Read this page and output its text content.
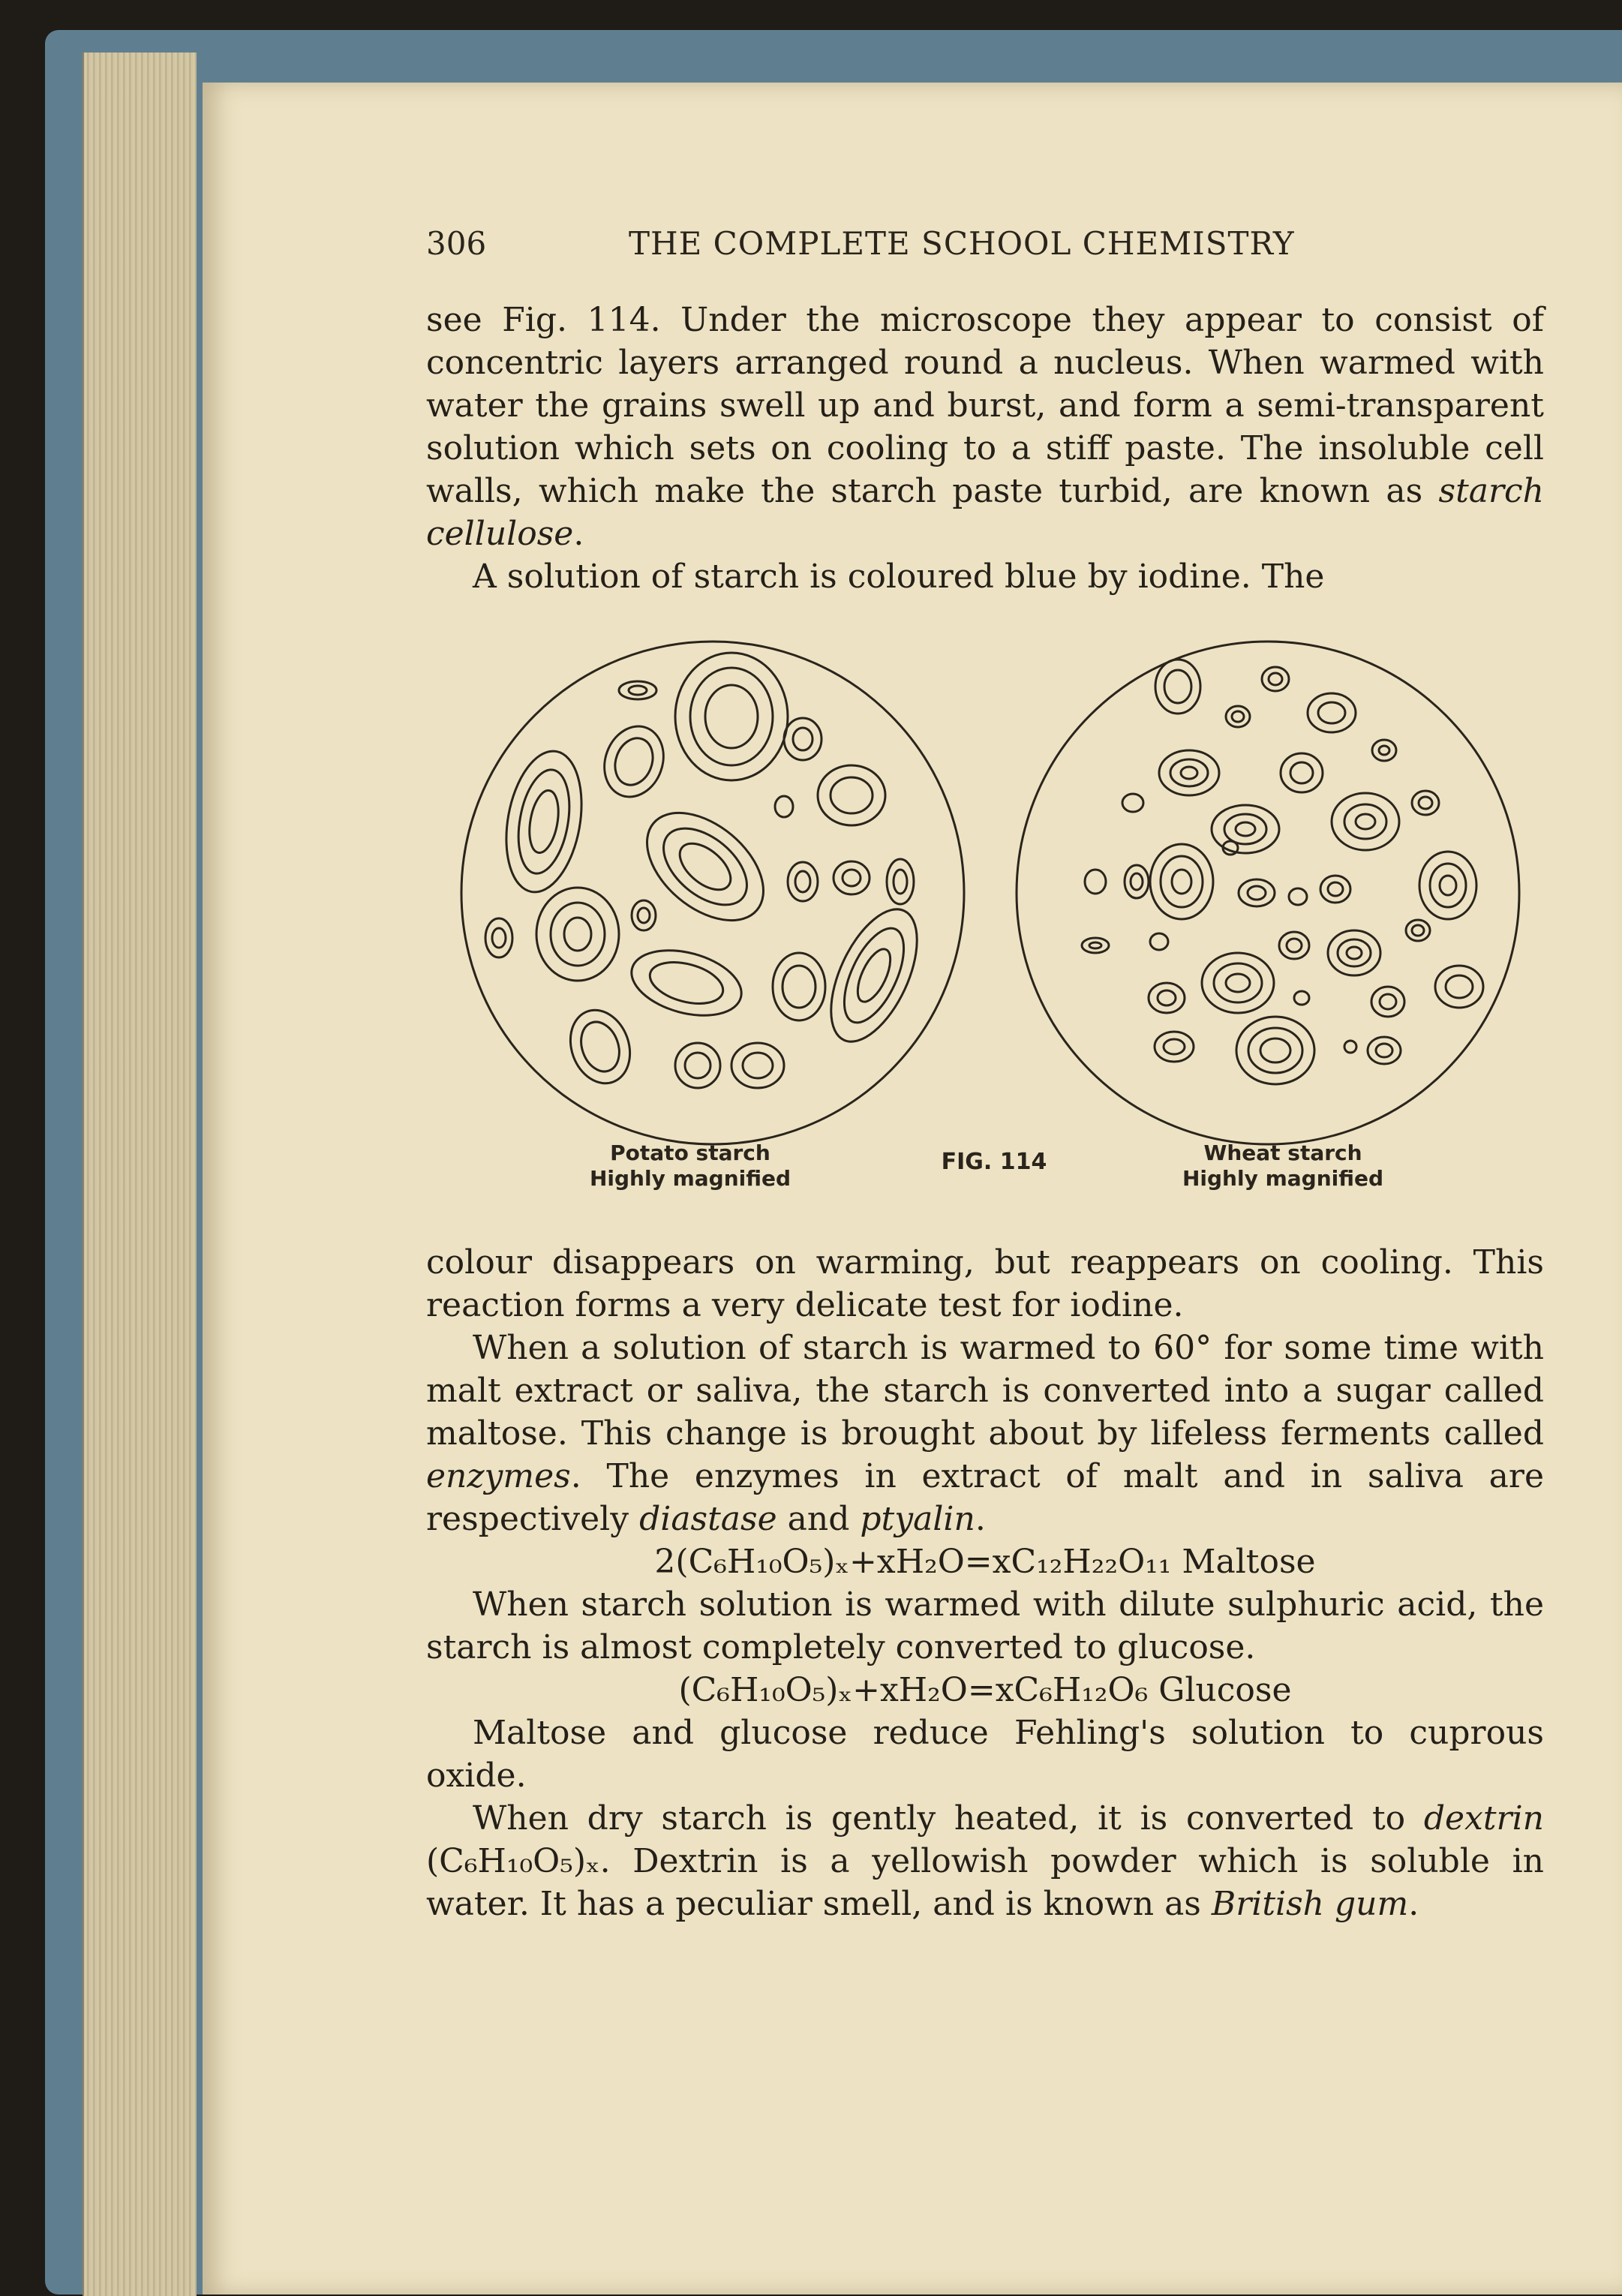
306	THE COMPLETE SCHOOL CHEMISTRY

see Fig. 114. Under the microscope they appear to consist of concentric layers arranged round a nucleus. When warmed with water the grains swell up and burst, and form a semi-transparent solution which sets on cooling to a stiff paste. The insoluble cell walls, which make the starch paste turbid, are known as starch cellulose.

A solution of starch is coloured blue by iodine. The

Potato starch
Highly magnified
FIG. 114	Wheat starch
Highly magnified

colour disappears on warming, but reappears on cooling. This reaction forms a very delicate test for iodine.

When a solution of starch is warmed to 60° for some time with malt extract or saliva, the starch is converted into a sugar called maltose. This change is brought about by lifeless ferments called enzymes. The enzymes in extract of malt and in saliva are respectively diastase and ptyalin.

2(C₆H₁₀O₅)ₓ+xH₂O=xC₁₂H₂₂O₁₁ Maltose

When starch solution is warmed with dilute sulphuric acid, the starch is almost completely converted to glucose.

(C₆H₁₀O₅)ₓ+xH₂O=xC₆H₁₂O₆ Glucose

Maltose and glucose reduce Fehling's solution to cuprous oxide.

When dry starch is gently heated, it is converted to dextrin (C₆H₁₀O₅)ₓ. Dextrin is a yellowish powder which is soluble in water. It has a peculiar smell, and is known as British gum.
